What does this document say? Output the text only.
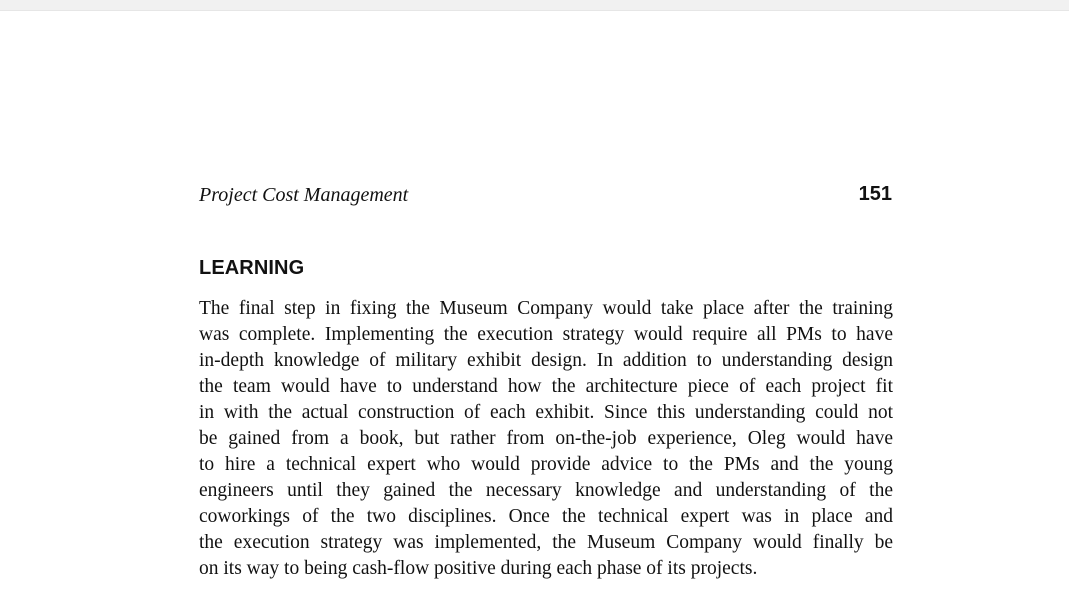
Project Cost Management	151
LEARNING
The final step in fixing the Museum Company would take place after the training
was complete. Implementing the execution strategy would require all PMs to have
in-depth knowledge of military exhibit design. In addition to understanding design
the team would have to understand how the architecture piece of each project fit
in with the actual construction of each exhibit. Since this understanding could not
be gained from a book, but rather from on-the-job experience, Oleg would have
to hire a technical expert who would provide advice to the PMs and the young
engineers until they gained the necessary knowledge and understanding of the
coworkings of the two disciplines. Once the technical expert was in place and
the execution strategy was implemented, the Museum Company would finally be
on its way to being cash-flow positive during each phase of its projects.
